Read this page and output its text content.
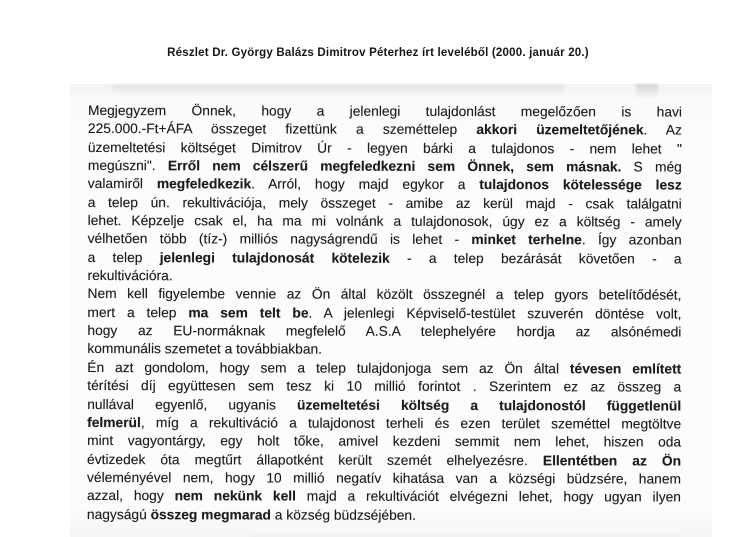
Részlet Dr. György Balázs Dimitrov Péterhez írt leveléből (2000. január 20.)
Megjegyzem Önnek, hogy a jelenlegi tulajdonlást megelőzően is havi
225.000.-Ft+ÁFA összeget fizettünk a szeméttelep akkori üzemeltetőjének. Az
üzemeltetési költséget Dimitrov Úr - legyen bárki a tulajdonos - nem lehet "
megúszni". Erről nem célszerű megfeledkezni sem Önnek, sem másnak. S még
valamiről megfeledkezik. Arról, hogy majd egykor a tulajdonos kötelessége lesz
a telep ún. rekultivációja, mely összeget - amibe az kerül majd - csak találgatni
lehet. Képzelje csak el, ha ma mi volnánk a tulajdonosok, úgy ez a költség - amely
vélhetően több (tíz-) milliós nagyságrendű is lehet - minket terhelne. Így azonban
a telep jelenlegi tulajdonosát kötelezik - a telep bezárását követően - a
rekultivációra.
Nem kell figyelembe vennie az Ön által közölt összegnél a telep gyors betelítődését,
mert a telep ma sem telt be. A jelenlegi Képviselő-testület szuverén döntése volt,
hogy az EU-normáknak megfelelő A.S.A telephelyére hordja az alsónémedi
kommunális szemetet a továbbiakban.
Én azt gondolom, hogy sem a telep tulajdonjoga sem az Ön által tévesen említett
térítési díj együttesen sem tesz ki 10 millió forintot . Szerintem ez az összeg a
nullával egyenlő, ugyanis üzemeltetési költség a tulajdonostól függetlenül
felmerül, míg a rekultiváció a tulajdonost terheli és ezen terület szeméttel megtöltve
mint vagyontárgy, egy holt tőke, amivel kezdeni semmit nem lehet, hiszen oda
évtizedek óta megtűrt állapotként került szemét elhelyezésre. Ellentétben az Ön
véleményével nem, hogy 10 millió negatív kihatása van a községi büdzsére, hanem
azzal, hogy nem nekünk kell majd a rekultivációt elvégezni lehet, hogy ugyan ilyen
nagyságú összeg megmarad a község büdzséjében.
